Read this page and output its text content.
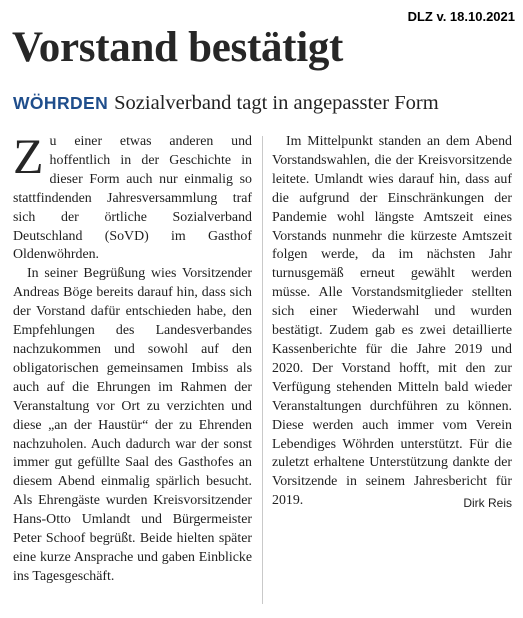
DLZ v. 18.10.2021
Vorstand bestätigt
WÖHRDEN Sozialverband tagt in angepasster Form

Zu einer etwas anderen und hoffentlich in der Geschichte in dieser Form auch nur einmalig so stattfindenden Jahresversammlung traf sich der örtliche Sozialverband Deutschland (SoVD) im Gasthof Oldenwöhrden.

In seiner Begrüßung wies Vorsitzender Andreas Böge bereits darauf hin, dass sich der Vorstand dafür entschieden habe, den Empfehlungen des Landesverbandes nachzukommen und sowohl auf den obligatorischen gemeinsamen Imbiss als auch auf die Ehrungen im Rahmen der Veranstaltung vor Ort zu verzichten und diese „an der Haustür“ der zu Ehrenden nachzuholen. Auch dadurch war der sonst immer gut gefüllte Saal des Gasthofes an diesem Abend einmalig spärlich besucht. Als Ehrengäste wurden Kreisvorsitzender Hans-Otto Umlandt und Bürgermeister Peter Schoof begrüßt. Beide hielten später eine kurze Ansprache und gaben Einblicke ins Tagesgeschäft.

Im Mittelpunkt standen an dem Abend Vorstandswahlen, die der Kreisvorsitzende leitete. Umlandt wies darauf hin, dass auf die aufgrund der Einschränkungen der Pandemie wohl längste Amtszeit eines Vorstands nunmehr die kürzeste Amtszeit folgen werde, da im nächsten Jahr turnusgemäß erneut gewählt werden müsse. Alle Vorstandsmitglieder stellten sich einer Wiederwahl und wurden bestätigt. Zudem gab es zwei detaillierte Kassenberichte für die Jahre 2019 und 2020. Der Vorstand hofft, mit den zur Verfügung stehenden Mitteln bald wieder Veranstaltungen durchführen zu können. Diese werden auch immer vom Verein Lebendiges Wöhrden unterstützt. Für die zuletzt erhaltene Unterstützung dankte der Vorsitzende in seinem Jahresbericht für 2019.	Dirk Reis
